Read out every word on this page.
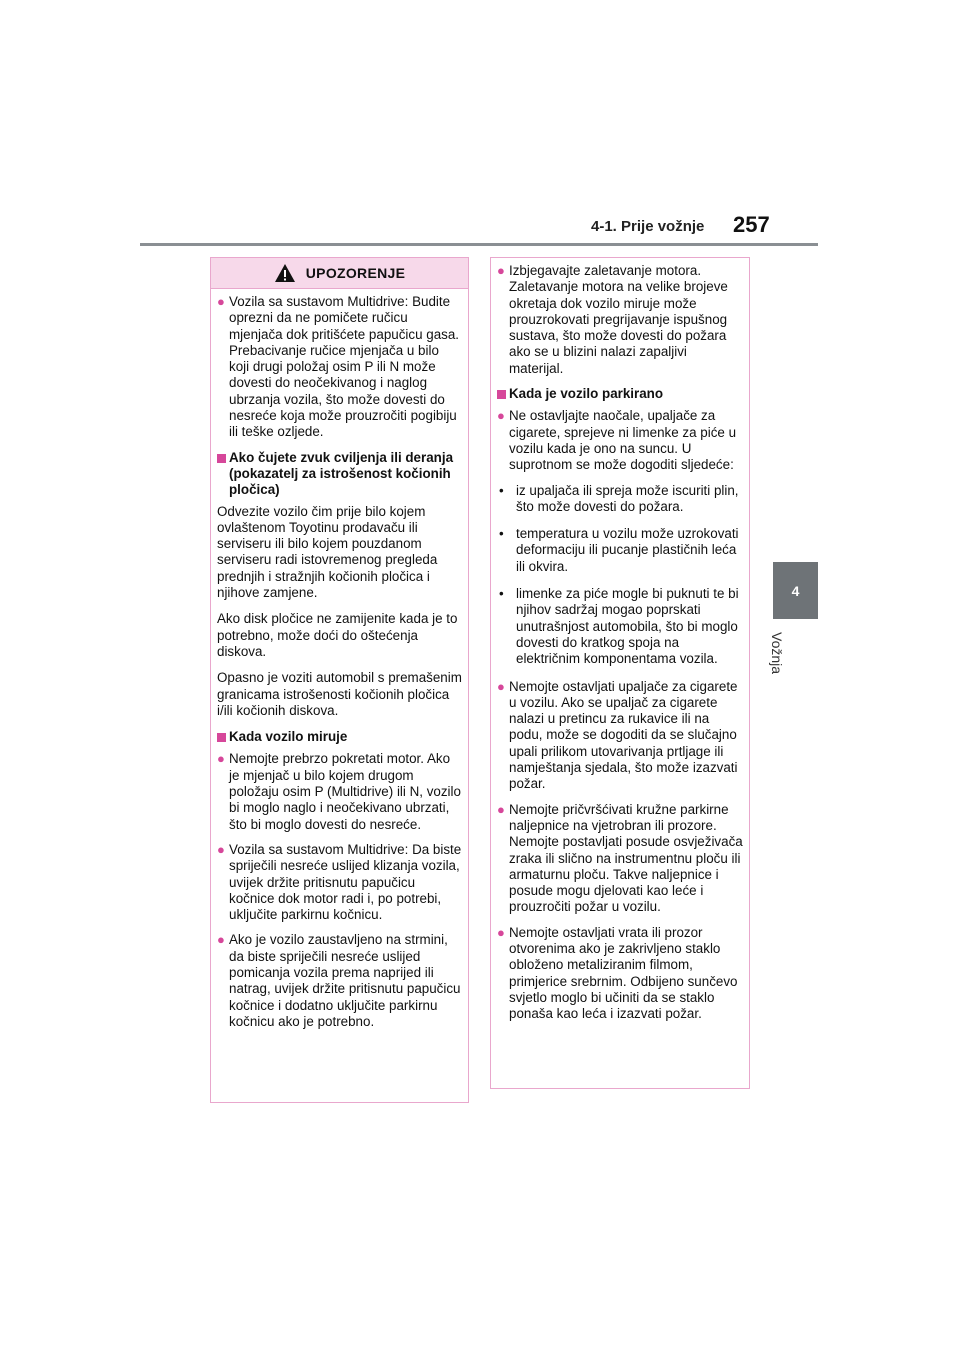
4-1. Prije vožnje 257
4
Vožnja
UPOZORENJE
● Vozila sa sustavom Multidrive: Budite oprezni da ne pomičete ručicu mjenjača dok pritišćete papučicu gasa. Prebacivanje ručice mjenjača u bilo koji drugi položaj osim P ili N može dovesti do neočekivanog i naglog ubrzanja vozila, što može dovesti do nesreće koja može prouzročiti pogibiju ili teške ozljede.
Ako čujete zvuk cviljenja ili deranja (pokazatelj za istrošenost kočionih pločica)

Odvezite vozilo čim prije bilo kojem ovlaštenom Toyotinu prodavaču ili serviseru ili bilo kojem pouzdanom serviseru radi istovremenog pregleda prednjih i stražnjih kočionih pločica i njihove zamjene.

Ako disk pločice ne zamijenite kada je to potrebno, može doći do oštećenja diskova.

Opasno je voziti automobil s premašenim granicama istrošenosti kočionih pločica i/ili kočionih diskova.

Kada vozilo miruje
● Nemojte prebrzo pokretati motor. Ako je mjenjač u bilo kojem drugom položaju osim P (Multidrive) ili N, vozilo bi moglo naglo i neočekivano ubrzati, što bi moglo dovesti do nesreće.
● Vozila sa sustavom Multidrive: Da biste spriječili nesreće uslijed klizanja vozila, uvijek držite pritisnutu papučicu kočnice dok motor radi i, po potrebi, uključite parkirnu kočnicu.
● Ako je vozilo zaustavljeno na strmini, da biste spriječili nesreće uslijed pomicanja vozila prema naprijed ili natrag, uvijek držite pritisnutu papučicu kočnice i dodatno uključite parkirnu kočnicu ako je potrebno.
● Izbjegavajte zaletavanje motora. Zaletavanje motora na velike brojeve okretaja dok vozilo miruje može prouzrokovati pregrijavanje ispušnog sustava, što može dovesti do požara ako se u blizini nalazi zapaljivi materijal.
Kada je vozilo parkirano
● Ne ostavljajte naočale, upaljače za cigarete, spreјeve ni limenke za piće u vozilu kada je ono na suncu. U suprotnom se može dogoditi sljedeće:
• iz upaljača ili spreja može iscuriti plin, što može dovesti do požara.
• temperatura u vozilu može uzrokovati deformaciju ili pucanje plastičnih leća ili okvira.
• limenke za piće mogle bi puknuti te bi njihov sadržaj mogao poprskati unutrašnjost automobila, što bi moglo dovesti do kratkog spoja na električnim komponentama vozila.
● Nemojte ostavljati upaljače za cigarete u vozilu. Ako se upaljač za cigarete nalazi u pretincu za rukavice ili na podu, može se dogoditi da se slučajno upali prilikom utovarivanja prtljage ili namještanja sjedala, što može izazvati požar.
● Nemojte pričvršćivati kružne parkirne naljepnice na vjetrobran ili prozore. Nemojte postavljati posude osvježivača zraka ili slično na instrumentnu ploču ili armaturnu ploču. Takve naljepnice i posude mogu djelovati kao leće i prouzročiti požar u vozilu.
● Nemojte ostavljati vrata ili prozor otvorenima ako je zakrivljeno staklo obloženo metaliziranim filmom, primjerice srebrnim. Odbijeno sunčevo svjetlo moglo bi učiniti da se staklo ponaša kao leća i izazvati požar.
